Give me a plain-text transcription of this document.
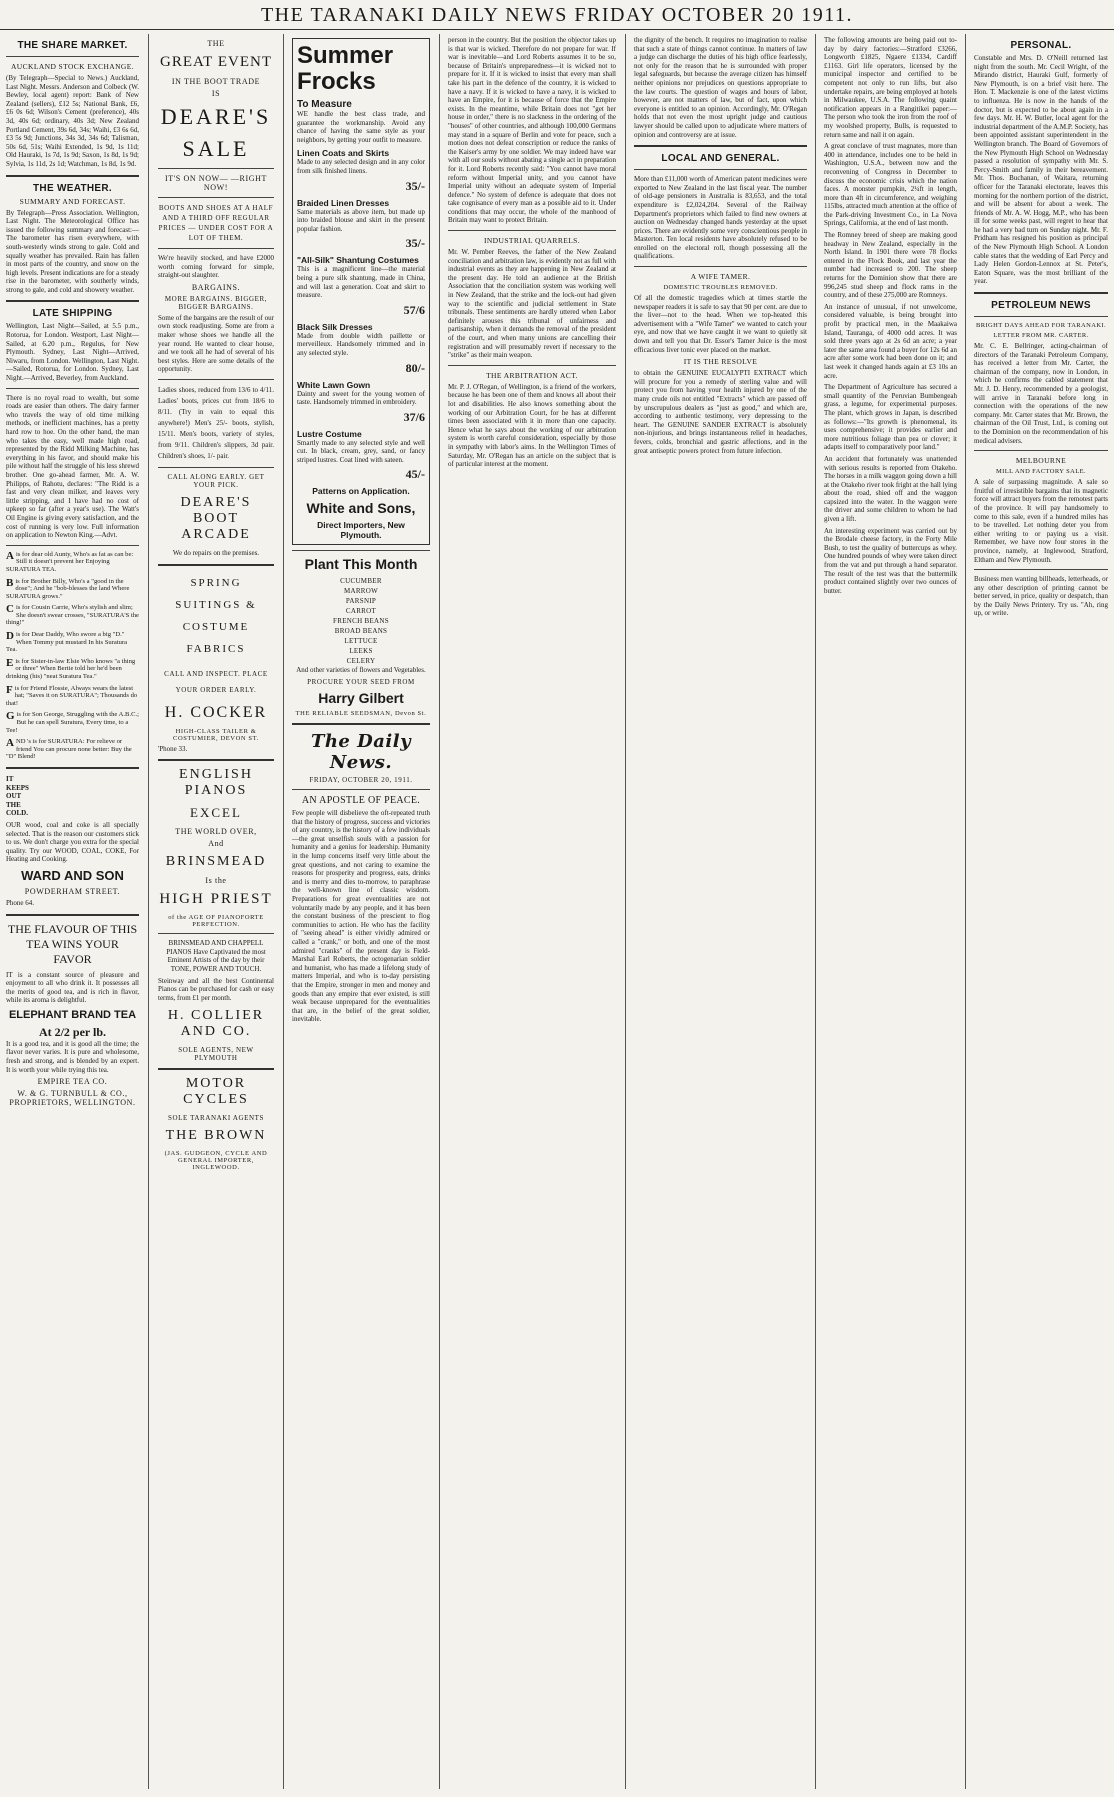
THE TARANAKI DAILY NEWS FRIDAY OCTOBER 20 1911.
THE SHARE MARKET.
AUCKLAND STOCK EXCHANGE.
(By Telegraph—Special to News.) Auckland, Last Night. Messrs. Anderson and Colbeck (W. Bewley, local agent) report: Bank of New Zealand (sellers), £12 5s; National Bank, £6, £6 0s 6d; Wilson's Cement (preference), 40s 3d, 40s 6d; ordinary, 40s 3d; New Zealand Portland Cement, 39s 6d, 34s; Waihi, £3 6s 6d, £3 5s 9d; Junctions, 34s 3d, 34s 6d; Talisman, 50s 6d, 51s; Waihi Extended, 1s 9d, 1s 11d; Old Hauraki, 1s 7d, 1s 9d; Saxon, 1s 8d, 1s 9d; Sylvia, 1s 11d, 2s 1d; Watchman, 1s 8d, 1s 9d.
THE WEATHER.
SUMMARY AND FORECAST.
By Telegraph—Press Association. Wellington, Last Night. The Meteorological Office has issued the following summary and forecast:— The barometer has risen everywhere, with south-westerly winds strong to gale. Cold and squally weather has prevailed. Rain has fallen in most parts of the country, and snow on the high levels. Present indications are for a steady rise in the barometer, with southerly winds, strong to gale, and cold and showery weather.
LATE SHIPPING
Wellington, Last Night—Sailed, at 5.5 p.m., Rotorua, for London. Westport, Last Night—Sailed, at 6.20 p.m., Regulus, for New Plymouth. Sydney, Last Night—Arrived, Niwaru, from London. Wellington, Last Night.—Sailed, Rotorua, for London. Sydney, Last Night.—Arrived, Beverley, from Auckland.
There is no royal road to wealth, but some roads are easier than others. The dairy farmer who travels the way of old time milking methods, or inefficient machines, has a pretty hard row to hoe. On the other hand, the man who takes the easy, well made high road, represented by the Ridd Milking Machine, has everything in his favor, and should make his pile without half the struggle of his less shrewd brother. One go-ahead farmer, Mr. A. W. Philipps, of Rahotu, declares: "The Ridd is a fast and very clean milker, and leaves very little stripping, and I have had no cost of upkeep so far (after a year's use). The Watt's Oil Engine is giving every satisfaction, and the cost of running is very low. Full information on application to Newton King.—Advt.
Ais for dear old Aunty, Who's as fat as can be: Still it doesn't prevent her Enjoying SURATURA TEA.
Bis for Brother Billy, Who's a "good in the dose"; And he "bob-blesses the land Where SURATURA grows."
Cis for Cousin Carrie, Who's stylish and slim; She doesn't swear crosses, "SURATURA'S the thing!"
Dis for Dear Daddy, Who swore a big "D." When Tommy put mustard In his Suratura Tea.
Eis for Sister-in-law Elsie Who knows "a thing or three" When Bertie told her he'd been drinking (his) "neat Suratura Tea."
Fis for Friend Flossie, Always wears the latest hat; "Saves it on SURATURA"; Thousands do that!
Gis for Son George, Struggling with the A.B.C.; But he can spell Suratura, Every time, to a Tee!
AND 's is for SURATURA: For relieve or friend You can procure none better: Buy the "D" Blend!
IT KEEPS OUT THE COLD.
OUR wood, coal and coke is all specially selected. That is the reason our customers stick to us. We don't charge you extra for the special quality. Try our WOOD, COAL, COKE, For Heating and Cooking.
WARD AND SON
POWDERHAM STREET.
Phone 64.
THE FLAVOUR OF THIS TEA WINS YOUR FAVOR
IT is a constant source of pleasure and enjoyment to all who drink it. It possesses all the merits of good tea, and is rich in flavor, while its aroma is delightful.
ELEPHANT BRAND TEA
At 2/2 per lb.
It is a good tea, and it is good all the time; the flavor never varies. It is pure and wholesome, fresh and strong, and is blended by an expert. It is worth your while trying this tea.
EMPIRE TEA CO.
W. & G. TURNBULL & CO., PROPRIETORS, WELLINGTON.
THE
GREAT EVENT
IN THE BOOT TRADE
IS
DEARE'S
SALE
IT'S ON NOW— —RIGHT NOW!
BOOTS AND SHOES AT A HALF AND A THIRD OFF REGULAR PRICES — UNDER COST FOR A LOT OF THEM.
We're heavily stocked, and have £2000 worth coming forward for simple, straight-out slaughter.
BARGAINS.
MORE BARGAINS. BIGGER, BIGGER BARGAINS.
Some of the bargains are the result of our own stock readjusting. Some are from a maker whose shoes we handle all the year round. He wanted to clear house, and we took all he had of several of his best styles. Here are some details of the opportunity.
Ladies shoes, reduced from 13/6 to 4/11. Ladies' boots, prices cut from 18/6 to 8/11. (Try in vain to equal this anywhere!) Men's 25/- boots, stylish, 15/11. Men's boots, variety of styles, from 9/11. Children's slippers, 3d pair. Children's shoes, 1/- pair.
CALL ALONG EARLY. GET YOUR PICK.
DEARE'S BOOT ARCADE
We do repairs on the premises.
SPRING SUITINGS & COSTUME FABRICS
CALL AND INSPECT. PLACE YOUR ORDER EARLY.
H. COCKER
HIGH-CLASS TAILER & COSTUMIER, DEVON ST.
'Phone 33.
ENGLISH PIANOS
EXCEL
THE WORLD OVER,
And
BRINSMEAD
Is the
HIGH PRIEST
of the AGE OF PIANOFORTE PERFECTION.
BRINSMEAD AND CHAPPELL PIANOS Have Captivated the most Eminent Artists of the day by their TONE, POWER AND TOUCH.
Steinway and all the best Continental Pianos can be purchased for cash or easy terms, from £1 per month.
H. COLLIER AND CO.
SOLE AGENTS, NEW PLYMOUTH
MOTOR CYCLES
SOLE TARANAKI AGENTS
THE BROWN
(JAS. GUDGEON, CYCLE AND GENERAL IMPORTER, INGLEWOOD.
Summer Frocks
To Measure
WE handle the best class trade, and guarantee the workmanship. Avoid any chance of having the same style as your neighbors, by getting your outfit to measure.
Linen Coats and Skirts
Made to any selected design and in any color from silk finished linens.
35/-
Braided Linen Dresses
Same materials as above item, but made up into braided blouse and skirt in the present popular fashion.
35/-
"All-Silk" Shantung Costumes
This is a magnificent line—the material being a pure silk shantung, made in China, and will last a generation. Coat and skirt to measure.
57/6
Black Silk Dresses
Made from double width paillette or merveilleux. Handsomely trimmed and in any selected style.
80/-
White Lawn Gown
Dainty and sweet for the young women of taste. Handsomely trimmed in embroidery.
37/6
Lustre Costume
Smartly made to any selected style and well cut. In black, cream, grey, sand, or fancy striped lustres. Coat lined with sateen.
45/-
Patterns on Application.
White and Sons,
Direct Importers, New Plymouth.
Plant This Month
CUCUMBER
MARROW
PARSNIP
CARROT
FRENCH BEANS
BROAD BEANS
LETTUCE
LEEKS
CELERY
And other varieties of flowers and Vegetables.
PROCURE YOUR SEED FROM
Harry Gilbert
THE RELIABLE SEEDSMAN, Devon St.
The Daily News.
FRIDAY, OCTOBER 20, 1911.
AN APOSTLE OF PEACE.
Few people will disbelieve the oft-repeated truth that the history of progress, success and victories of any country, is the history of a few individuals—the great unselfish souls with a passion for humanity and a genius for leadership. Humanity in the lump concerns itself very little about the great questions, and not caring to examine the reasons for prosperity and progress, eats, drinks and is merry and dies to-morrow, to paraphrase the well-known line of classic wisdom. Preparations for great eventualities are not voluntarily made by any people, and it has been the constant business of the prescient to flog communities to action. He who has the facility of "seeing ahead" is either vividly admired or called a "crank," or both, and one of the most admired "cranks" of the present day is Field-Marshal Earl Roberts, the octogenarian soldier and humanist, who has made a lifelong study of matters Imperial, and who is to-day persisting that the Empire, stronger in men and money and goods than any empire that ever existed, is still weak because unprepared for the eventualities that are, in the belief of the great soldier, inevitable.
person in the country. But the position the objector takes up is that war is wicked. Therefore do not prepare for war. If war is inevitable—and Lord Roberts assumes it to be so, because of Britain's unpreparedness—it is wicked not to prepare for it. If it is wicked to insist that every man shall take his part in the defence of the country, it is wicked to have a navy. If it is wicked to have a navy, it is wicked to have an Empire, for it is because of force that the Empire exists. In the meantime, while Britain does not "get her house in order," there is no slackness in the ordering of the "houses" of other countries, and although 100,000 Germans may stand in a square of Berlin and vote for peace, such a motion does not defeat conscription or reduce the ranks of the Kaiser's army by one soldier. We may indeed have war with all our souls without abating a single act in preparation for it. Lord Roberts recently said: "You cannot have moral reform without Imperial unity, and you cannot have Imperial unity without an adequate system of Imperial defence." No system of defence is adequate that does not take cognisance of every man as a possible aid to it. Under conditions that may occur, the whole of the manhood of Britain may want to protect Britain.
INDUSTRIAL QUARRELS.
Mr. W. Pember Reeves, the father of the New Zealand conciliation and arbitration law, is evidently not as full with industrial events as they are happening in New Zealand at the present day. He told an audience at the British Association that the conciliation system was working well in New Zealand, that the strike and the lock-out had given way to the scientific and judicial settlement in State tribunals. These sentiments are hardly uttered when Labor definitely arouses this tribunal of unfairness and partisanship, when it demands the removal of the president of the court, and when many unions are cancelling their registration and will presumably revert if necessary to the "strike" as their main weapon.
THE ARBITRATION ACT.
Mr. P. J. O'Regan, of Wellington, is a friend of the workers, because he has been one of them and knows all about their lot and disabilities. He also knows something about the working of our Arbitration Court, for he has at different times been associated with it in more than one capacity. Hence what he says about the working of our arbitration system is worth careful consideration, especially by those in sympathy with labor's aims. In the Wellington Times of Saturday, Mr. O'Regan has an article on the subject that is of particular interest at the moment.
the dignity of the bench. It requires no imagination to realise that such a state of things cannot continue. In matters of law a judge can discharge the duties of his high office fearlessly, not only for the reason that he is surrounded with proper legal safeguards, but because the average citizen has himself neither opinions nor prejudices on questions appropriate to the law courts. The question of wages and hours of labor, however, are not matters of law, but of fact, upon which everyone is entitled to an opinion. Accordingly, Mr. O'Regan holds that not even the most upright judge and cautious lawyer should be called upon to adjudicate where matters of opinion and controversy are at issue.
LOCAL AND GENERAL.
More than £11,000 worth of American patent medicines were exported to New Zealand in the last fiscal year. The number of old-age pensioners in Australia is 83,653, and the total expenditure is £2,024,204. Several of the Railway Department's proprietors which failed to find new owners at auction on Wednesday changed hands yesterday at the upset prices. There are evidently some very conscientious people in Masterton. Ten local residents have absolutely refused to be enrolled on the electoral roll, though possessing all the qualifications.
A WIFE TAMER.
DOMESTIC TROUBLES REMOVED.
Of all the domestic tragedies which at times startle the newspaper readers it is safe to say that 90 per cent. are due to the liver—not to the head. When we top-heated this advertisement with a "Wife Tamer" we wanted to catch your eye, and now that we have caught it we want to quietly sit down and tell you that Dr. Essor's Tamer Juice is the most efficacious liver tonic ever placed on the market.
IT IS THE RESOLVE
to obtain the GENUINE EUCALYPTI EXTRACT which will procure for you a remedy of sterling value and will protect you from having your health injured by one of the many crude oils not entitled "Extracts" which are passed off by unscrupulous dealers as "just as good," and which are, according to authentic testimony, very depressing to the heart. The GENUINE SANDER EXTRACT is absolutely non-injurious, and brings instantaneous relief in headaches, fevers, colds, bronchial and gastric affections, and in the great antiseptic powers protect from future infection.
The following amounts are being paid out to-day by dairy factories:—Stratford £3266, Longworth £1825, Ngaere £1334, Cardiff £1163. Girl life operators, licensed by the municipal inspector and certified to be competent not only to run lifts, but also undertake repairs, are being employed at hotels in Milwaukee, U.S.A. The following quaint notification appears in a Rangitikei paper:—The person who took the iron from the roof of my woolshed property, Bulls, is requested to return same and nail it on again.
A great conclave of trust magnates, more than 400 in attendance, includes one to be held in Washington, U.S.A., between now and the reconvening of Congress in December to discuss the economic crisis which the nation faces. A monster pumpkin, 2¼ft in length, more than 4ft in circumference, and weighing 115lbs, attracted much attention at the office of the Park-driving Investment Co., in La Nova Springs, California, at the end of last month.
The Romney breed of sheep are making good headway in New Zealand, especially in the North Island. In 1901 there were 78 flocks entered in the Flock Book, and last year the number had increased to 200. The sheep returns for the Dominion show that there are 996,245 stud sheep and flock rams in the country, and of these 275,000 are Romneys.
An instance of unusual, if not unwelcome, considered valuable, is being brought into profit by practical men, in the Maakaiwa Island, Tauranga, of 4000 odd acres. It was sold three years ago at 2s 6d an acre; a year later the same area found a buyer for 12s 6d an acre after some work had been done on it; and last week it changed hands again at £3 10s an acre.
The Department of Agriculture has secured a small quantity of the Peruvian Bumbengeah grass, a legume, for experimental purposes. The plant, which grows in Japan, is described as follows:—"Its growth is phenomenal, its uses comprehensive; it provides earlier and more nutritious foliage than pea or clover; it adapts itself to comparatively poor land."
An accident that fortunately was unattended with serious results is reported from Otakeho. The horses in a milk waggon going down a hill at the Otakeho river took fright at the hall lying about the road, shied off and the waggon capsized into the water. In the waggon were the driver and some children to whom he had given a lift.
An interesting experiment was carried out by the Brodale cheese factory, in the Forty Mile Bush, to test the quality of buttercups as whey. One hundred pounds of whey were taken direct from the vat and put through a hand separator. The result of the test was that the buttermilk product contained slightly over two ounces of butter.
PERSONAL.
Constable and Mrs. D. O'Neill returned last night from the south. Mr. Cecil Wright, of the Mirando district, Hauraki Gulf, formerly of New Plymouth, is on a brief visit here. The Hon. T. Mackenzie is one of the latest victims to influenza. He is now in the hands of the doctor, but is expected to be about again in a few days. Mr. H. W. Butler, local agent for the industrial department of the A.M.P. Society, has been appointed assistant superintendent in the Wellington branch. The Board of Governors of the New Plymouth High School on Wednesday passed a resolution of sympathy with Mr. S. Percy-Smith and family in their bereavement. Mr. Thos. Buchanan, of Waitara, returning officer for the Taranaki electorate, leaves this morning for the northern portion of the district, and will be absent for about a week. The friends of Mr. A. W. Hogg, M.P., who has been ill for some weeks past, will regret to hear that he had a very bad turn on Sunday night. Mr. F. Pridham has resigned his position as principal of the New Plymouth High School. A London cable states that the wedding of Earl Percy and Lady Helen Gordon-Lennox at St. Peter's, Eaton Square, was the most brilliant of the year.
PETROLEUM NEWS
BRIGHT DAYS AHEAD FOR TARANAKI.
LETTER FROM MR. CARTER.
Mr. C. E. Bellringer, acting-chairman of directors of the Taranaki Petroleum Company, has received a letter from Mr. Carter, the chairman of the company, now in London, in which he confirms the cabled statement that Mr. J. D. Henry, recommended by a geologist, will arrive in Taranaki before long in connection with the operations of the new company. Mr. Carter states that Mr. Brown, the chairman of the Oil Trust, Ltd., is coming out to the Dominion on the recommendation of his medical advisers.
MELBOURNE
MILL AND FACTORY SALE.
A sale of surpassing magnitude. A sale so fruitful of irresistible bargains that its magnetic force will attract buyers from the remotest parts of the province. It will pay handsomely to come to this sale, even if a hundred miles has to be travelled. Let nothing deter you from either writing to or paying us a visit. Remember, we have now four stores in the province, namely, at Inglewood, Stratford, Eltham and New Plymouth.
Business men wanting billheads, letterheads, or any other description of printing cannot be better served, in price, quality or despatch, than by the Daily News Printery. Try us. "Ah, ring up, or write.
